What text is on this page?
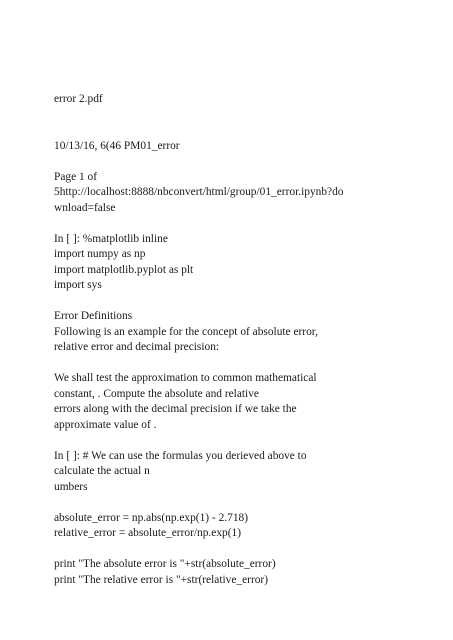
error 2.pdf
10/13/16, 6(46 PM01_error
Page 1 of
5http://localhost:8888/nbconvert/html/group/01_error.ipynb?do
wnload=false
In [ ]: %matplotlib inline
import numpy as np
import matplotlib.pyplot as plt
import sys
Error Definitions
Following is an example for the concept of absolute error,
relative error and decimal precision:
We shall test the approximation to common mathematical
constant, . Compute the absolute and relative
errors along with the decimal precision if we take the
approximate value of .
In [ ]: # We can use the formulas you derieved above to
calculate the actual n
umbers
absolute_error = np.abs(np.exp(1) - 2.718)
relative_error = absolute_error/np.exp(1)
print "The absolute error is "+str(absolute_error)
print "The relative error is "+str(relative_error)
